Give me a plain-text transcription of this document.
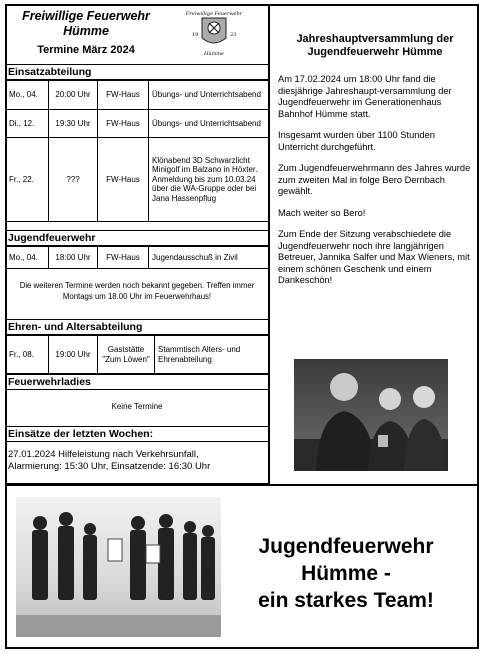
Freiwillige Feuerwehr
Hümme
Freiwillige Feuerwehr
19	23
Hümme
Termine März 2024
Einsatzabteilung
Mo., 04.	20:00 Uhr	FW-Haus	Übungs- und Unterrichtsabend
Di., 12.	19:30 Uhr	FW-Haus	Übungs- und Unterrichtsabend
Fr., 22.	???	FW-Haus	Klönabend 3D Schwarzlicht Minigolf im Balzano in Höxter. Anmeldung bis zum 10.03.24 über die WA-Gruppe oder bei Jana Hassenpflug
Jugendfeuerwehr
Mo., 04.	18:00 Uhr	FW-Haus	Jugendausschuß in Zivil
Die weiteren Termine werden noch bekannt gegeben. Treffen immer Montags um 18.00 Uhr im Feuerwehrhaus!
Ehren- und Altersabteilung
Fr., 08.	19:00 Uhr	Gaststätte "Zum Löwen"	Stammtisch Alters- und Ehrenabteilung
Feuerwehrladies
Keine Termine
Einsätze der letzten Wochen:
27.01.2024 Hilfeleistung nach Verkehrsunfall,
Alarmierung: 15:30 Uhr, Einsatzende: 16:30 Uhr
Jahreshauptversammlung der
Jugendfeuerwehr Hümme

Am 17.02.2024 um 18:00 Uhr fand die diesjährige Jahreshaupt-versammlung der Jugendfeuerwehr im Generationenhaus Bahnhof Hümme statt.

Insgesamt wurden über 1100 Stunden Unterricht durchgeführt.

Zum Jugendfeuerwehrmann des Jahres wurde zum zweiten Mal in folge Bero Dernbach gewählt.

Mach weiter so Bero!

Zum Ende der Sitzung verabschiedete die Jugendfeuerwehr noch ihre langjährigen Betreuer, Jannika Salfer und Max Wieners, mit einem schönen Geschenk und einem Dankeschön!

Jugendfeuerwehr
Hümme -
ein starkes Team!
